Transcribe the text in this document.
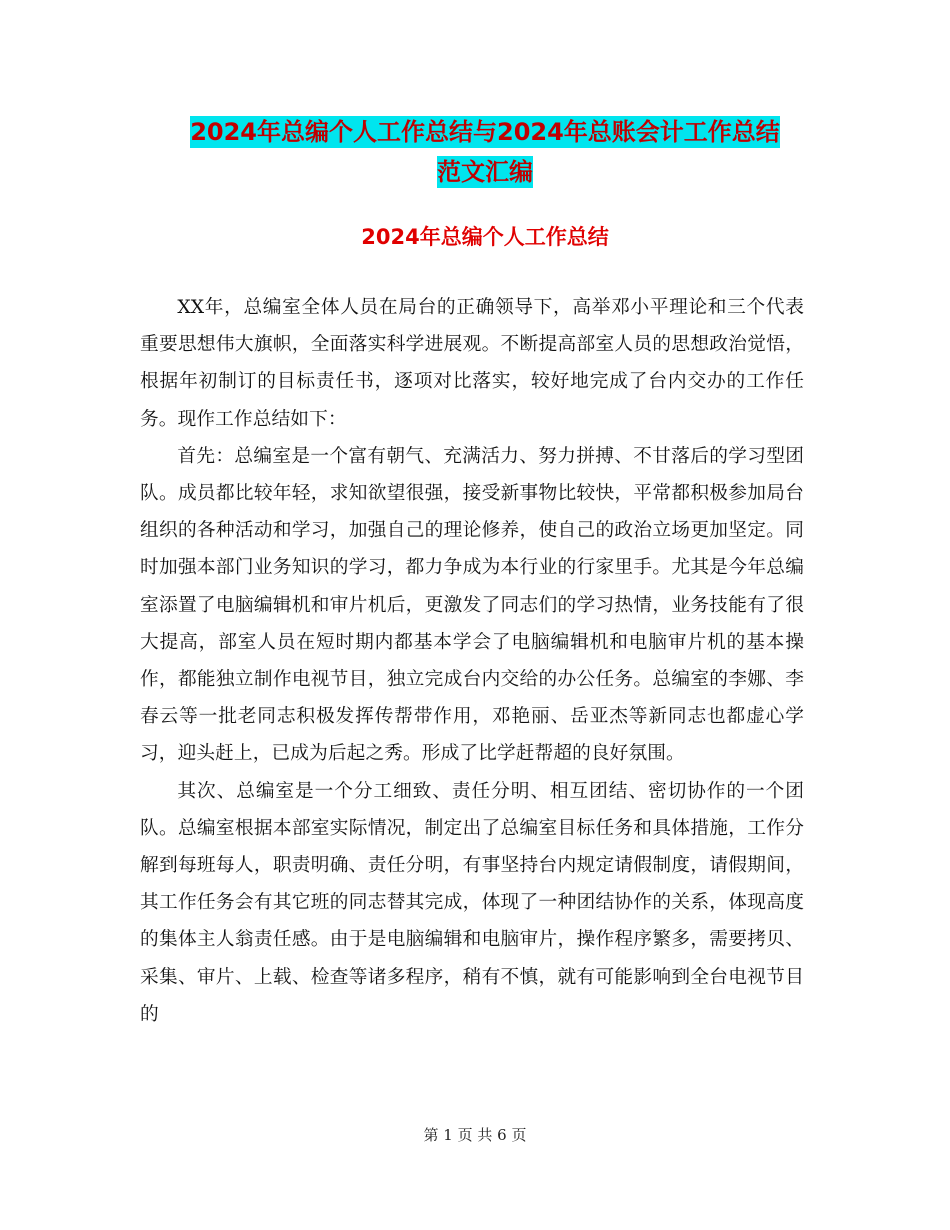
2024年总编个人工作总结与2024年总账会计工作总结
范文汇编
2024年总编个人工作总结

XX年，总编室全体人员在局台的正确领导下，高举邓小平理论和三个代表重要思想伟大旗帜，全面落实科学进展观。不断提高部室人员的思想政治觉悟，根据年初制订的目标责任书，逐项对比落实，较好地完成了台内交办的工作任务。现作工作总结如下：

首先：总编室是一个富有朝气、充满活力、努力拼搏、不甘落后的学习型团队。成员都比较年轻，求知欲望很强，接受新事物比较快，平常都积极参加局台组织的各种活动和学习，加强自己的理论修养，使自己的政治立场更加坚定。同时加强本部门业务知识的学习，都力争成为本行业的行家里手。尤其是今年总编室添置了电脑编辑机和审片机后，更激发了同志们的学习热情，业务技能有了很大提高，部室人员在短时期内都基本学会了电脑编辑机和电脑审片机的基本操作，都能独立制作电视节目，独立完成台内交给的办公任务。总编室的李娜、李春云等一批老同志积极发挥传帮带作用，邓艳丽、岳亚杰等新同志也都虚心学习，迎头赶上，已成为后起之秀。形成了比学赶帮超的良好氛围。

其次、总编室是一个分工细致、责任分明、相互团结、密切协作的一个团队。总编室根据本部室实际情况，制定出了总编室目标任务和具体措施，工作分解到每班每人，职责明确、责任分明，有事坚持台内规定请假制度，请假期间，其工作任务会有其它班的同志替其完成，体现了一种团结协作的关系，体现高度的集体主人翁责任感。由于是电脑编辑和电脑审片，操作程序繁多，需要拷贝、采集、审片、上载、检查等诸多程序，稍有不慎，就有可能影响到全台电视节目的

第 1 页 共 6 页
